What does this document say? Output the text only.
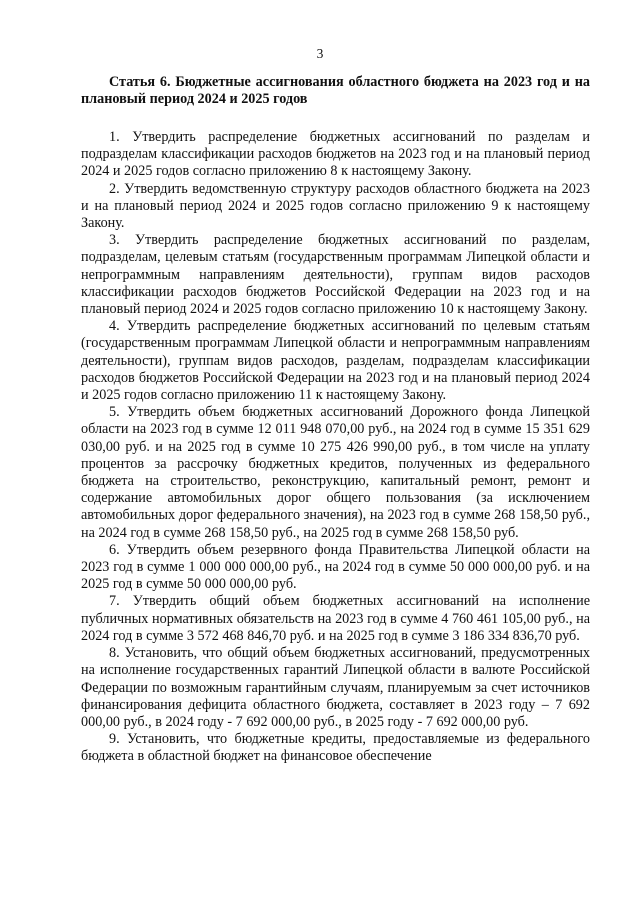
3

Статья 6. Бюджетные ассигнования областного бюджета на 2023 год и на плановый период 2024 и 2025 годов

1. Утвердить распределение бюджетных ассигнований по разделам и подразделам классификации расходов бюджетов на 2023 год и на плановый период 2024 и 2025 годов согласно приложению 8 к настоящему Закону.

2. Утвердить ведомственную структуру расходов областного бюджета на 2023 и на плановый период 2024 и 2025 годов согласно приложению 9 к настоящему Закону.

3. Утвердить распределение бюджетных ассигнований по разделам, подразделам, целевым статьям (государственным программам Липецкой области и непрограммным направлениям деятельности), группам видов расходов классификации расходов бюджетов Российской Федерации на 2023 год и на плановый период 2024 и 2025 годов согласно приложению 10 к настоящему Закону.

4. Утвердить распределение бюджетных ассигнований по целевым статьям (государственным программам Липецкой области и непрограммным направлениям деятельности), группам видов расходов, разделам, подразделам классификации расходов бюджетов Российской Федерации на 2023 год и на плановый период 2024 и 2025 годов согласно приложению 11 к настоящему Закону.

5. Утвердить объем бюджетных ассигнований Дорожного фонда Липецкой области на 2023 год в сумме 12 011 948 070,00 руб., на 2024 год в сумме 15 351 629 030,00 руб. и на 2025 год в сумме 10 275 426 990,00 руб., в том числе на уплату процентов за рассрочку бюджетных кредитов, полученных из федерального бюджета на строительство, реконструкцию, капитальный ремонт, ремонт и содержание автомобильных дорог общего пользования (за исключением автомобильных дорог федерального значения), на 2023 год в сумме 268 158,50 руб., на 2024 год в сумме 268 158,50 руб., на 2025 год в сумме 268 158,50 руб.

6. Утвердить объем резервного фонда Правительства Липецкой области на 2023 год в сумме 1 000 000 000,00 руб., на 2024 год в сумме 50 000 000,00 руб. и на 2025 год в сумме 50 000 000,00 руб.

7. Утвердить общий объем бюджетных ассигнований на исполнение публичных нормативных обязательств на 2023 год в сумме 4 760 461 105,00 руб., на 2024 год в сумме 3 572 468 846,70 руб. и на 2025 год в сумме 3 186 334 836,70 руб.

8. Установить, что общий объем бюджетных ассигнований, предусмотренных на исполнение государственных гарантий Липецкой области в валюте Российской Федерации по возможным гарантийным случаям, планируемым за счет источников финансирования дефицита областного бюджета, составляет в 2023 году – 7 692 000,00 руб., в 2024 году - 7 692 000,00 руб., в 2025 году - 7 692 000,00 руб.

9. Установить, что бюджетные кредиты, предоставляемые из федерального бюджета в областной бюджет на финансовое обеспечение
